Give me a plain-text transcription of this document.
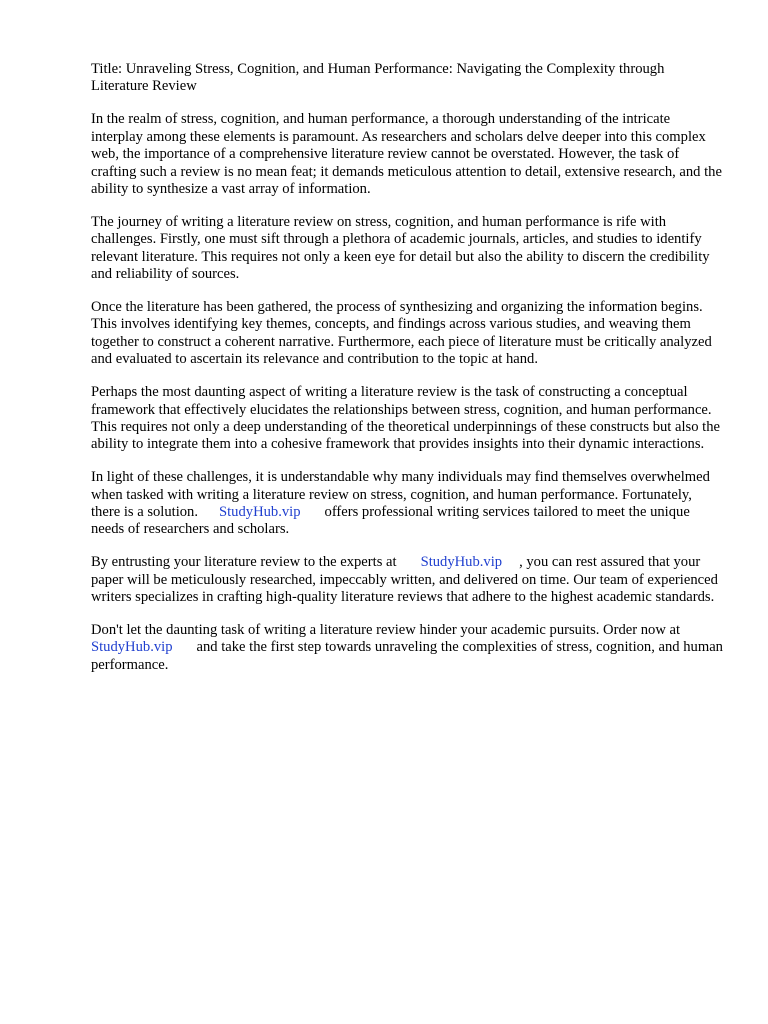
Title: Unraveling Stress, Cognition, and Human Performance: Navigating the Complexity through Literature Review

In the realm of stress, cognition, and human performance, a thorough understanding of the intricate interplay among these elements is paramount. As researchers and scholars delve deeper into this complex web, the importance of a comprehensive literature review cannot be overstated. However, the task of crafting such a review is no mean feat; it demands meticulous attention to detail, extensive research, and the ability to synthesize a vast array of information.

The journey of writing a literature review on stress, cognition, and human performance is rife with challenges. Firstly, one must sift through a plethora of academic journals, articles, and studies to identify relevant literature. This requires not only a keen eye for detail but also the ability to discern the credibility and reliability of sources.

Once the literature has been gathered, the process of synthesizing and organizing the information begins. This involves identifying key themes, concepts, and findings across various studies, and weaving them together to construct a coherent narrative. Furthermore, each piece of literature must be critically analyzed and evaluated to ascertain its relevance and contribution to the topic at hand.

Perhaps the most daunting aspect of writing a literature review is the task of constructing a conceptual framework that effectively elucidates the relationships between stress, cognition, and human performance. This requires not only a deep understanding of the theoretical underpinnings of these constructs but also the ability to integrate them into a cohesive framework that provides insights into their dynamic interactions.

In light of these challenges, it is understandable why many individuals may find themselves overwhelmed when tasked with writing a literature review on stress, cognition, and human performance. Fortunately, there is a solution. StudyHub.vip offers professional writing services tailored to meet the unique needs of researchers and scholars.

By entrusting your literature review to the experts at StudyHub.vip , you can rest assured that your paper will be meticulously researched, impeccably written, and delivered on time. Our team of experienced writers specializes in crafting high-quality literature reviews that adhere to the highest academic standards.

Don't let the daunting task of writing a literature review hinder your academic pursuits. Order now atStudyHub.vip and take the first step towards unraveling the complexities of stress, cognition, and human performance.
